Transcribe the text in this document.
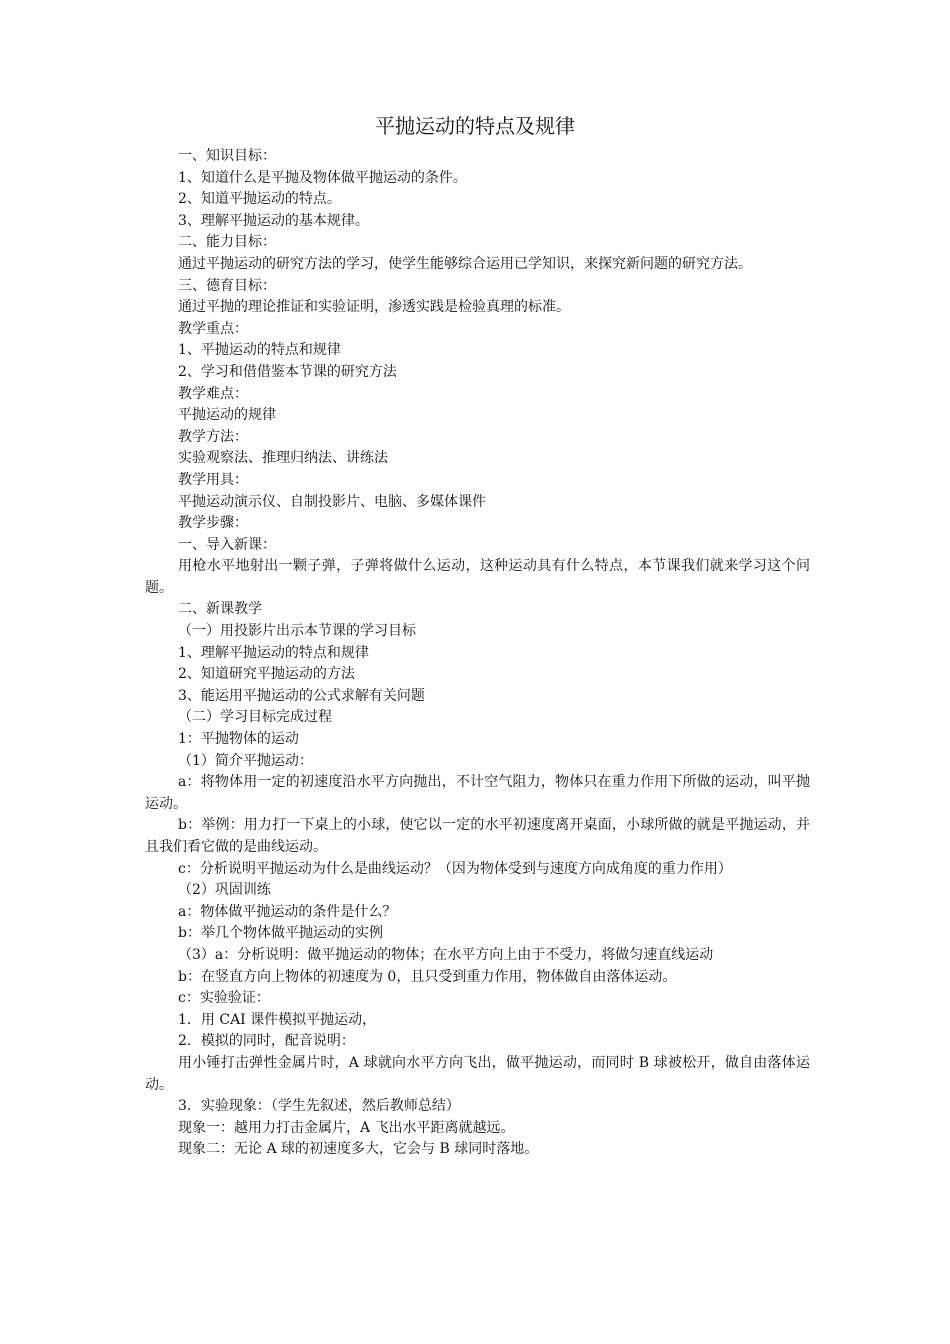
平抛运动的特点及规律

一、知识目标：

1、知道什么是平抛及物体做平抛运动的条件。

2、知道平抛运动的特点。

3、理解平抛运动的基本规律。

二、能力目标：

通过平抛运动的研究方法的学习，使学生能够综合运用已学知识，来探究新问题的研究方法。

三、德育目标：

通过平抛的理论推证和实验证明，渗透实践是检验真理的标准。

教学重点：

1、平抛运动的特点和规律

2、学习和借借鉴本节课的研究方法

教学难点：

平抛运动的规律

教学方法：

实验观察法、推理归纳法、讲练法

教学用具：

平抛运动演示仪、自制投影片、电脑、多媒体课件

教学步骤：

一、导入新课：

用枪水平地射出一颗子弹，子弹将做什么运动，这种运动具有什么特点，本节课我们就来学习这个问题。

二、新课教学

（一）用投影片出示本节课的学习目标

1、理解平抛运动的特点和规律

2、知道研究平抛运动的方法

3、能运用平抛运动的公式求解有关问题

（二）学习目标完成过程

1：平抛物体的运动

（1）简介平抛运动：

a：将物体用一定的初速度沿水平方向抛出，不计空气阻力，物体只在重力作用下所做的运动，叫平抛运动。

b：举例：用力打一下桌上的小球，使它以一定的水平初速度离开桌面，小球所做的就是平抛运动，并且我们看它做的是曲线运动。

c：分析说明平抛运动为什么是曲线运动？（因为物体受到与速度方向成角度的重力作用）

（2）巩固训练

a：物体做平抛运动的条件是什么？

b：举几个物体做平抛运动的实例

（3）a：分析说明：做平抛运动的物体；在水平方向上由于不受力，将做匀速直线运动

b：在竖直方向上物体的初速度为 0，且只受到重力作用，物体做自由落体运动。

c：实验验证：

1．用 CAI 课件模拟平抛运动，

2．模拟的同时，配音说明：

用小锤打击弹性金属片时，A 球就向水平方向飞出，做平抛运动，而同时 B 球被松开，做自由落体运动。

3．实验现象：（学生先叙述，然后教师总结）

现象一：越用力打击金属片，A 飞出水平距离就越远。

现象二：无论 A 球的初速度多大，它会与 B 球同时落地。
